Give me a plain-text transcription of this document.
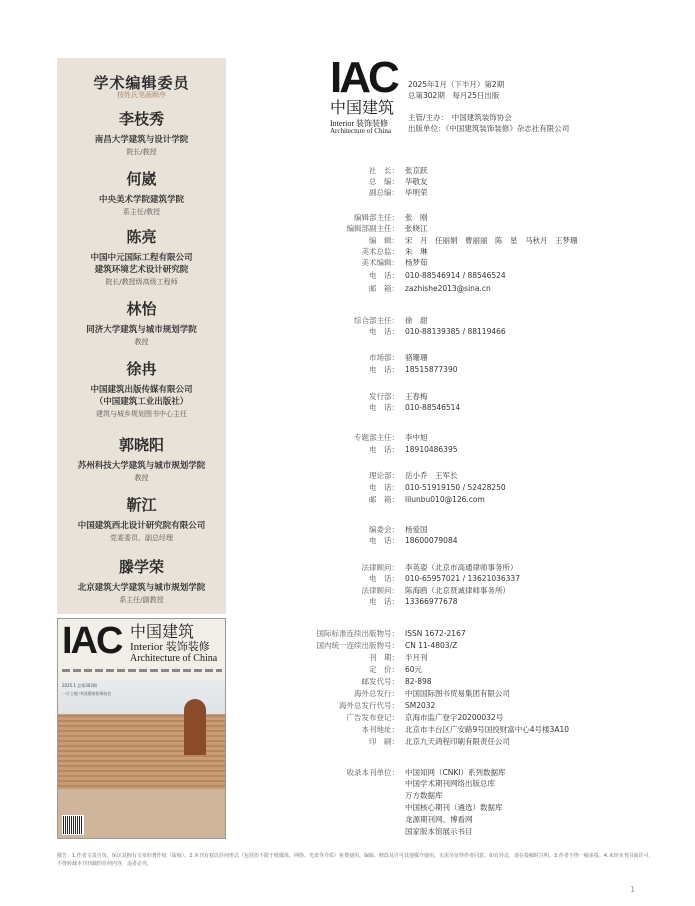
学术编辑委员
按姓氏笔画顺序
李枝秀
南昌大学建筑与设计学院
院长/教授
何崴
中央美术学院建筑学院
系主任/教授
陈亮
中国中元国际工程有限公司
建筑环境艺术设计研究院
院长/教授级高级工程师
林怡
同济大学建筑与城市规划学院
教授
徐冉
中国建筑出版传媒有限公司
（中国建筑工业出版社）
建筑与城乡规划图书中心主任
郭晓阳
苏州科技大学建筑与城市规划学院
教授
靳江
中国建筑西北设计研究院有限公司
党委委员、副总经理
滕学荣
北京建筑大学建筑与城市规划学院
系主任/副教授
IAC 中国建筑
Interior 装饰装修
Architecture of China
2025.1 总第302期
一片土地 中国建筑装饰协会
IAC
中国建筑
Interior 装饰装修
Architecture of China
2025年1月（下半月）第2期
总第302期　每月25日出版
主管/主办：　中国建筑装饰协会
出版单位：《中国建筑装饰装修》杂志社有限公司
社　长： 张京跃
总　编： 华敬友
副总编： 毕明荣
编辑部主任： 张　刚
编辑部副主任： 张晓江
编　辑： 宋　月　任丽娟　曹丽丽　陈　星　马秋月　王梦珊
美术总监： 朱　琳
美术编辑： 杨梦茹
电　话： 010-88546914 / 88546524
邮　箱： zazhishe2013@sina.cn
综合部主任： 徐　甜
电　话： 010-88139385 / 88119466
市场部： 骆珊珊
电　话： 18515877390
发行部： 王春梅
电　话： 010-88546514
专题部主任： 李中旭
电　话： 18910486395
理论部： 岳小乔　王军长
电　话： 010-51919150 / 52428250
邮　箱： lilunbu010@126.com
编委会： 杨爱国
电　话： 18600079084
法律顾问： 李英姿（北京市高通律师事务所）
电　话： 010-65957021 / 13621036337
法律顾问： 陈海鸥（北京贤诚律师事务所）
电　话： 13366977678
国际标准连续出版物号： ISSN 1672-2167
国内统一连续出版物号： CN 11-4803/Z
刊　期： 半月刊
定　价： 60元
邮发代号： 82-898
海外总发行： 中国国际图书贸易集团有限公司
海外总发行代号： SM2032
广告发布登记： 京海市监广登字20200032号
本刊地址： 北京市丰台区广安路9号国投财富中心4号楼3A10
印　刷： 北京九天鸿程印刷有限责任公司
收录本刊单位： 中国知网（CNKI）系列数据库
中国学术期刊网络出版总库
万方数据库
中国核心期刊（遴选）数据库
龙源期刊网、博看网
国家版本馆展示书目
敬告：1.作者文责自负，保证其拥有文章的著作权（版权）。2.本刊有权以任何形式（包括但不限于纸媒体、网络、光盘等介质）免费使用、编辑、修改及许可其他媒介使用，无需另征得作者同意。如有异议，请在投稿时注明。3.作者不得一稿多投。4.未经本刊书面许可，不得转载本刊刊载的任何内容，违者必究。
1
